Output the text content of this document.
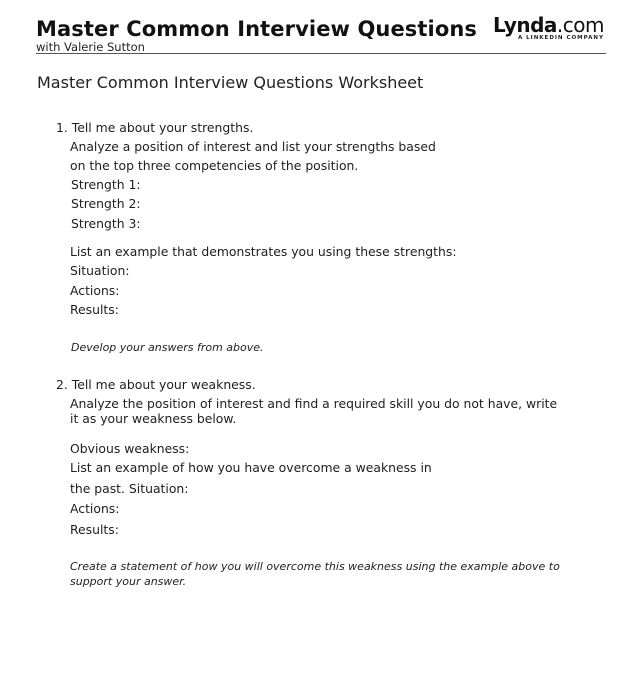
Master Common Interview Questions
with Valerie Sutton
Lynda.com
A LINKEDIN COMPANY
Master Common Interview Questions Worksheet
1. Tell me about your strengths.
Analyze a position of interest and list your strengths based
on the top three competencies of the position.
Strength 1:
Strength 2:
Strength 3:
List an example that demonstrates you using these strengths:
Situation:
Actions:
Results:
Develop your answers from above.
2. Tell me about your weakness.
Analyze the position of interest and find a required skill you do not have, write
it as your weakness below.
Obvious weakness:
List an example of how you have overcome a weakness in
the past. Situation:
Actions:
Results:
Create a statement of how you will overcome this weakness using the example above to
support your answer.
